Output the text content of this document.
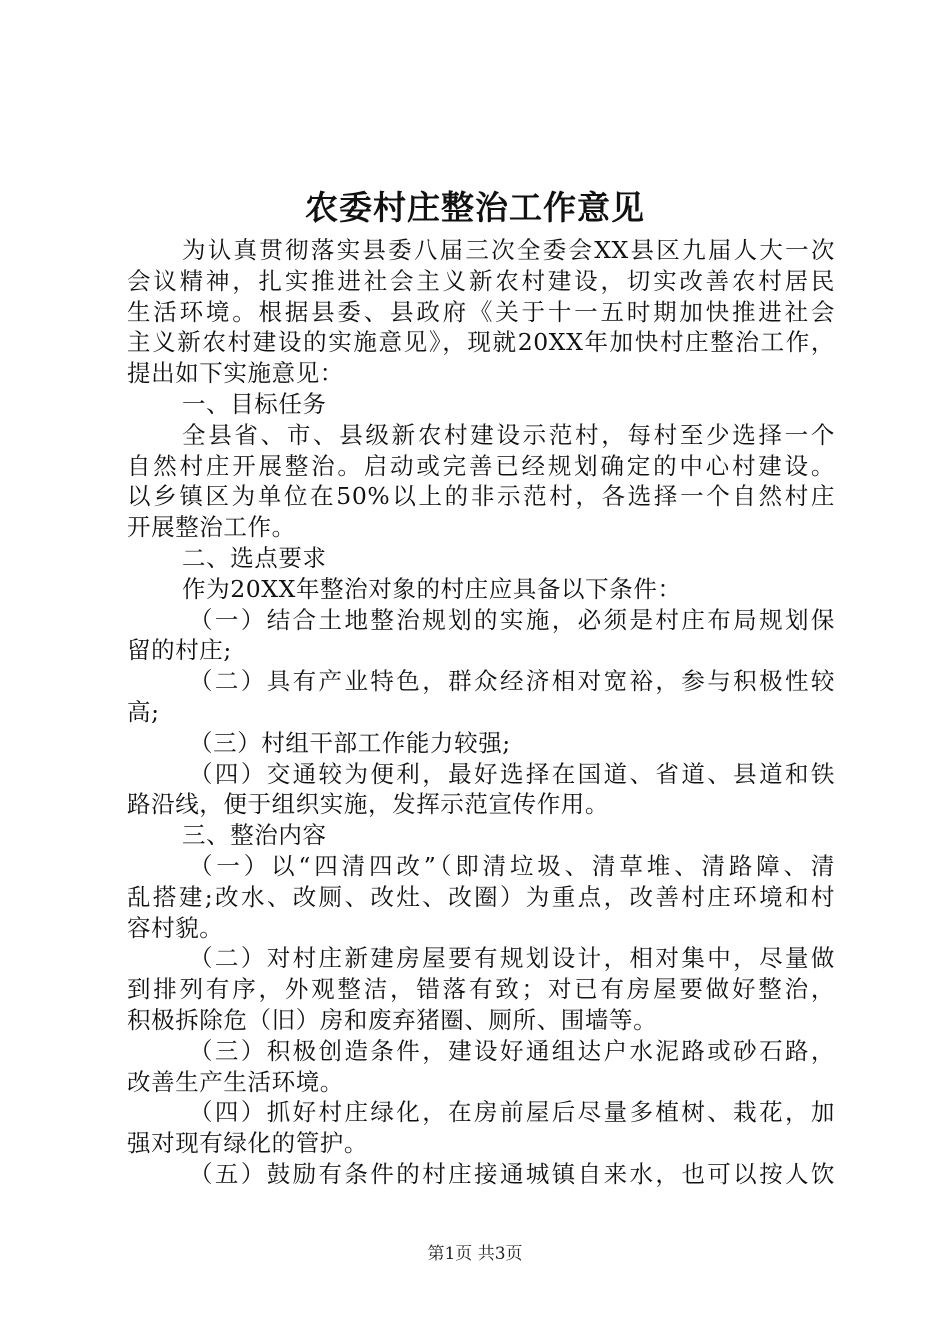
农委村庄整治工作意见
为认真贯彻落实县委八届三次全委会XX县区九届人大一次
会议精神，扎实推进社会主义新农村建设，切实改善农村居民
生活环境。根据县委、县政府《关于十一五时期加快推进社会
主义新农村建设的实施意见》，现就20XX年加快村庄整治工作，
提出如下实施意见：
一、目标任务
全县省、市、县级新农村建设示范村，每村至少选择一个
自然村庄开展整治。启动或完善已经规划确定的中心村建设。
以乡镇区为单位在50%以上的非示范村，各选择一个自然村庄
开展整治工作。
二、选点要求
作为20XX年整治对象的村庄应具备以下条件：
（一）结合土地整治规划的实施，必须是村庄布局规划保
留的村庄;
（二）具有产业特色，群众经济相对宽裕，参与积极性较
高;
（三）村组干部工作能力较强;
（四）交通较为便利，最好选择在国道、省道、县道和铁
路沿线，便于组织实施，发挥示范宣传作用。
三、整治内容
（一）以“四清四改”（即清垃圾、清草堆、清路障、清
乱搭建;改水、改厕、改灶、改圈）为重点，改善村庄环境和村
容村貌。
（二）对村庄新建房屋要有规划设计，相对集中，尽量做
到排列有序，外观整洁，错落有致；对已有房屋要做好整治，
积极拆除危（旧）房和废弃猪圈、厕所、围墙等。
（三）积极创造条件，建设好通组达户水泥路或砂石路，
改善生产生活环境。
（四）抓好村庄绿化，在房前屋后尽量多植树、栽花，加
强对现有绿化的管护。
（五）鼓励有条件的村庄接通城镇自来水，也可以按人饮
第1页 共3页
